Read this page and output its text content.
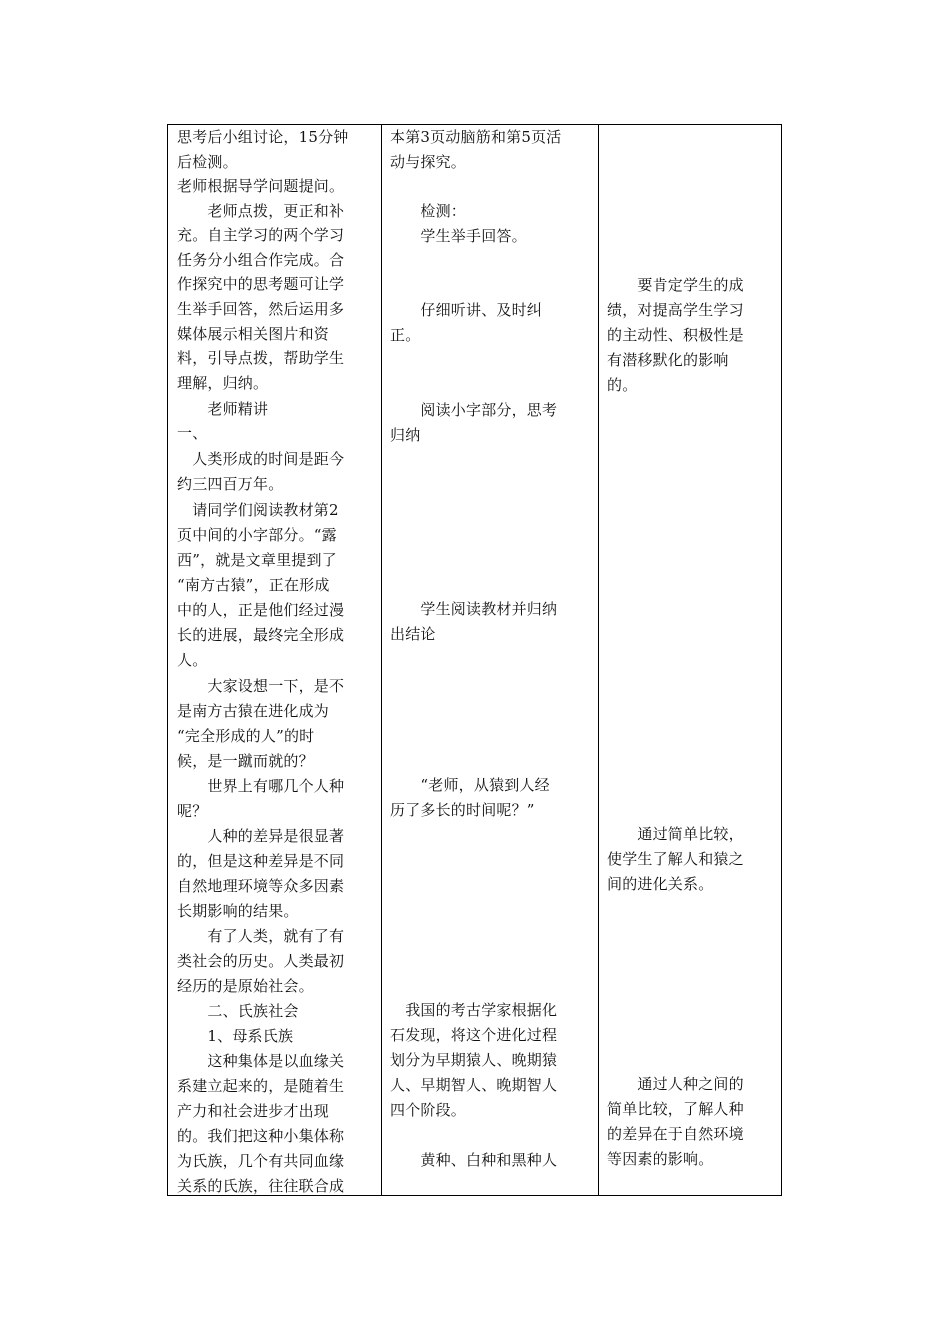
思考后小组讨论，15分钟

后检测。

老师根据导学问题提问。

　　老师点拨，更正和补

充。自主学习的两个学习

任务分小组合作完成。合

作探究中的思考题可让学

生举手回答，然后运用多

媒体展示相关图片和资

料，引导点拨，帮助学生

理解，归纳。

　　老师精讲

一、

　人类形成的时间是距今

约三四百万年。

　请同学们阅读教材第2

页中间的小字部分。“露

西”，就是文章里提到了

“南方古猿”，正在形成

中的人，正是他们经过漫

长的进展，最终完全形成

人。

　　大家设想一下，是不

是南方古猿在进化成为

“完全形成的人”的时

候，是一蹴而就的？

　　世界上有哪几个人种

呢？

　　人种的差异是很显著

的，但是这种差异是不同

自然地理环境等众多因素

长期影响的结果。

　　有了人类，就有了有

类社会的历史。人类最初

经历的是原始社会。

　　二、氏族社会

　　1、母系氏族

　　这种集体是以血缘关

系建立起来的，是随着生

产力和社会进步才出现

的。我们把这种小集体称

为氏族，几个有共同血缘

关系的氏族，往往联合成

本第3页动脑筋和第5页活

动与探究。

　　检测：

　　学生举手回答。

　　仔细听讲、及时纠

正。

　　阅读小字部分，思考

归纳

　　学生阅读教材并归纳

出结论

　　“老师，从猿到人经

历了多长的时间呢？”

　我国的考古学家根据化

石发现，将这个进化过程

划分为早期猿人、晚期猿

人、早期智人、晚期智人

四个阶段。

　　黄种、白种和黑种人

　　要肯定学生的成

绩，对提高学生学习

的主动性、积极性是

有潜移默化的影响

的。

　　通过简单比较，

使学生了解人和猿之

间的进化关系。

　　通过人种之间的

简单比较，了解人种

的差异在于自然环境

等因素的影响。
